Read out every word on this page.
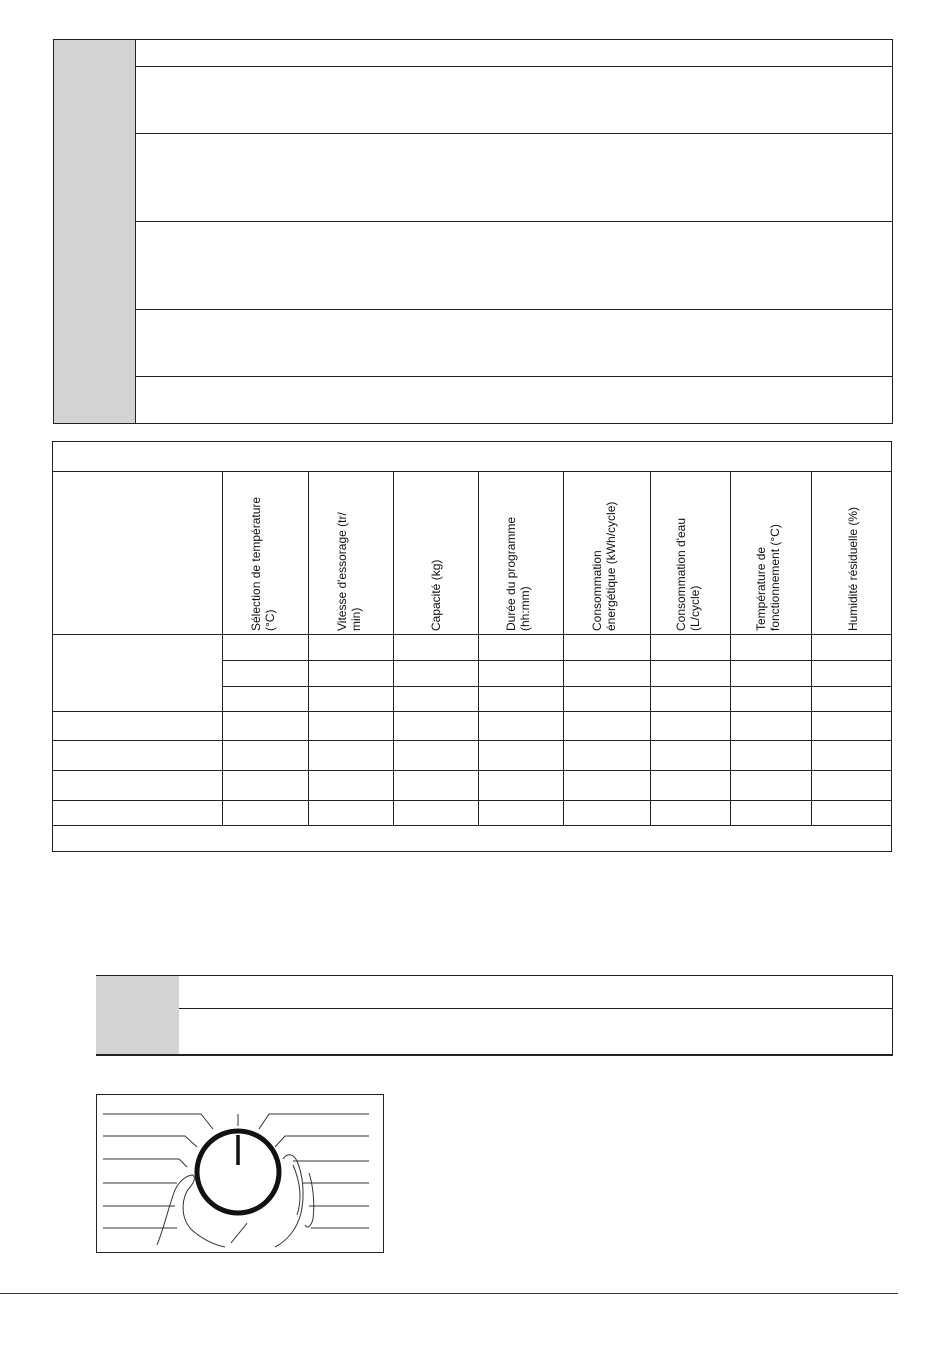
Sélection de température (°C)	Vitesse d'essorage (tr/ min)	Capacité (kg)	Durée du programme (hh:mm)	Consommation énergétique (kWh/cycle)	Consommation d'eau (L/cycle)	Température de fonctionnement (°C)	Humidité résiduelle (%)
